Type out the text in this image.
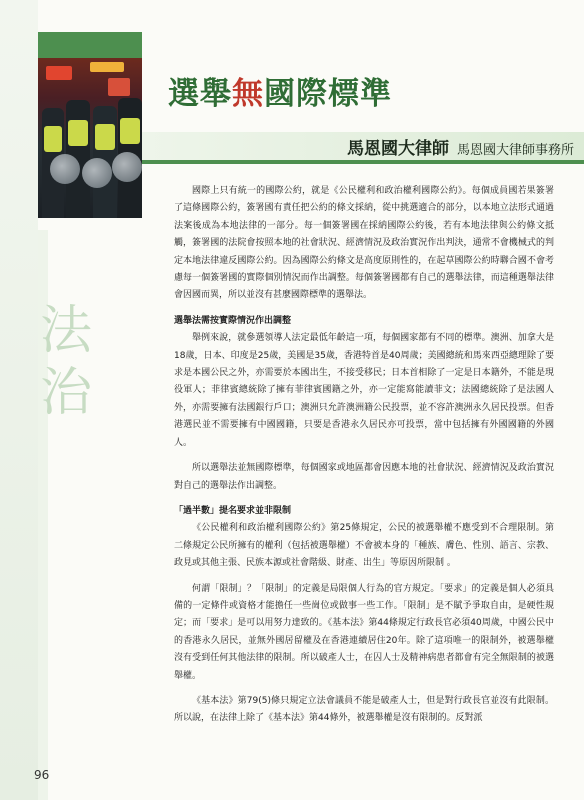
法
治
選舉無國際標準
馬恩國大律師 馬恩國大律師事務所

國際上只有統一的國際公約，就是《公民權利和政治權利國際公約》。每個成員國若果簽署了這條國際公約，簽署國有責任把公約的條文採納，從中挑選適合的部分，以本地立法形式通過法案後成為本地法律的一部分。每一個簽署國在採納國際公約後，若有本地法律與公約條文抵觸，簽署國的法院會按照本地的社會狀況、經濟情況及政治實況作出判決，通常不會機械式的判定本地法律違反國際公約。因為國際公約條文是高度原則性的，在起草國際公約時聯合國不會考慮每一個簽署國的實際個別情況而作出調整。每個簽署國都有自己的選舉法律，而這種選舉法律會因國而異，所以並沒有甚麼國際標準的選舉法。

選舉法需按實際情況作出調整

舉例來說，就參選領導人法定最低年齡這一項，每個國家都有不同的標準。澳洲、加拿大是18歲，日本、印度是25歲，美國是35歲，香港特首是40周歲；美國總統和馬來西亞總理除了要求是本國公民之外，亦需要於本國出生，不接受移民；日本首相除了一定是日本籍外，不能是現役軍人；菲律賓總統除了擁有菲律賓國籍之外，亦一定能寫能讀菲文；法國總統除了是法國人外，亦需要擁有法國銀行戶口；澳洲只允許澳洲籍公民投票，並不容許澳洲永久居民投票。但香港選民並不需要擁有中國國籍，只要是香港永久居民亦可投票，當中包括擁有外國國籍的外國人。

所以選舉法並無國際標準，每個國家或地區都會因應本地的社會狀況、經濟情況及政治實況對自己的選舉法作出調整。

「過半數」提名要求並非限制

《公民權利和政治權利國際公約》第25條規定，公民的被選舉權不應受到不合理限制。第二條規定公民所擁有的權利（包括被選舉權）不會被本身的「種族、膚色、性別、語言、宗教、政見或其他主張、民族本源或社會階級、財產、出生」等原因所限制 。

何謂「限制」？「限制」的定義是局限個人行為的官方規定。「要求」的定義是個人必須具備的一定條件或資格才能擔任一些崗位或做事一些工作。「限制」是不賦予爭取自由，是硬性規定；而「要求」是可以用努力達致的。《基本法》第44條規定行政長官必須40周歲，中國公民中的香港永久居民，並無外國居留權及在香港連續居住20年。除了這項唯一的限制外，被選舉權沒有受到任何其他法律的限制。所以破產人士，在囚人士及精神病患者都會有完全無限制的被選舉權。

《基本法》第79(5)條只規定立法會議員不能是破產人士，但是對行政長官並沒有此限制。所以說，在法律上除了《基本法》第44條外，被選舉權是沒有限制的。反對派

96
